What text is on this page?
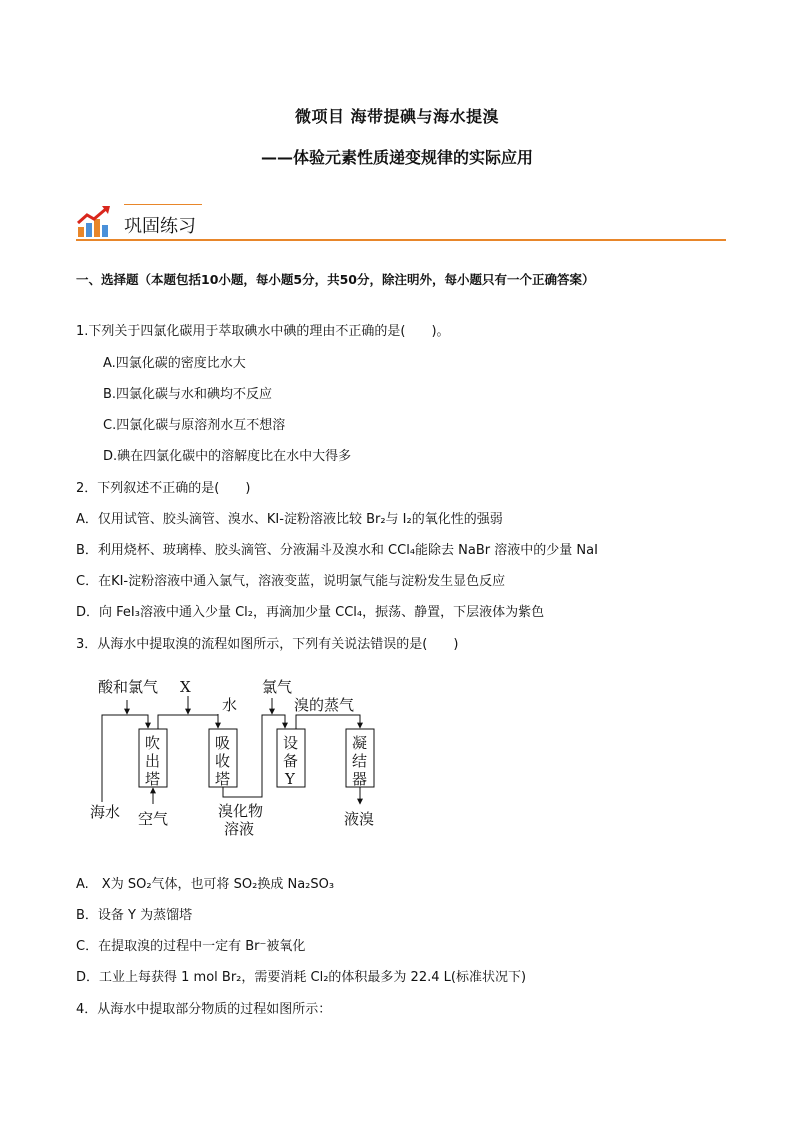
微项目 海带提碘与海水提溴
——体验元素性质递变规律的实际应用
巩固练习
一、选择题（本题包括10小题，每小题5分，共50分，除注明外，每小题只有一个正确答案）
1.下列关于四氯化碳用于萃取碘水中碘的理由不正确的是(　　)。
A.四氯化碳的密度比水大
B.四氯化碳与水和碘均不反应
C.四氯化碳与原溶剂水互不想溶
D.碘在四氯化碳中的溶解度比在水中大得多
2．下列叙述不正确的是(　　)
A．仅用试管、胶头滴管、溴水、KI-淀粉溶液比较 Br₂与 I₂的氧化性的强弱
B．利用烧杯、玻璃棒、胶头滴管、分液漏斗及溴水和 CCl₄能除去 NaBr 溶液中的少量 NaI
C．在KI-淀粉溶液中通入氯气，溶液变蓝，说明氯气能与淀粉发生显色反应
D．向 FeI₃溶液中通入少量 Cl₂，再滴加少量 CCl₄，振荡、静置，下层液体为紫色
3．从海水中提取溴的流程如图所示，下列有关说法错误的是(　　)
酸和氯气 X
水
氯气
溴的蒸气
吹
出
塔
吸
收
塔
设
备
Y
凝
结
器
海水 空气	溴化物
溶液
液溴
A.　X为 SO₂气体，也可将 SO₂换成 Na₂SO₃
B．设备 Y 为蒸馏塔
C．在提取溴的过程中一定有 Br⁻被氧化
D．工业上每获得 1 mol Br₂，需要消耗 Cl₂的体积最多为 22.4 L(标准状况下)
4．从海水中提取部分物质的过程如图所示：
